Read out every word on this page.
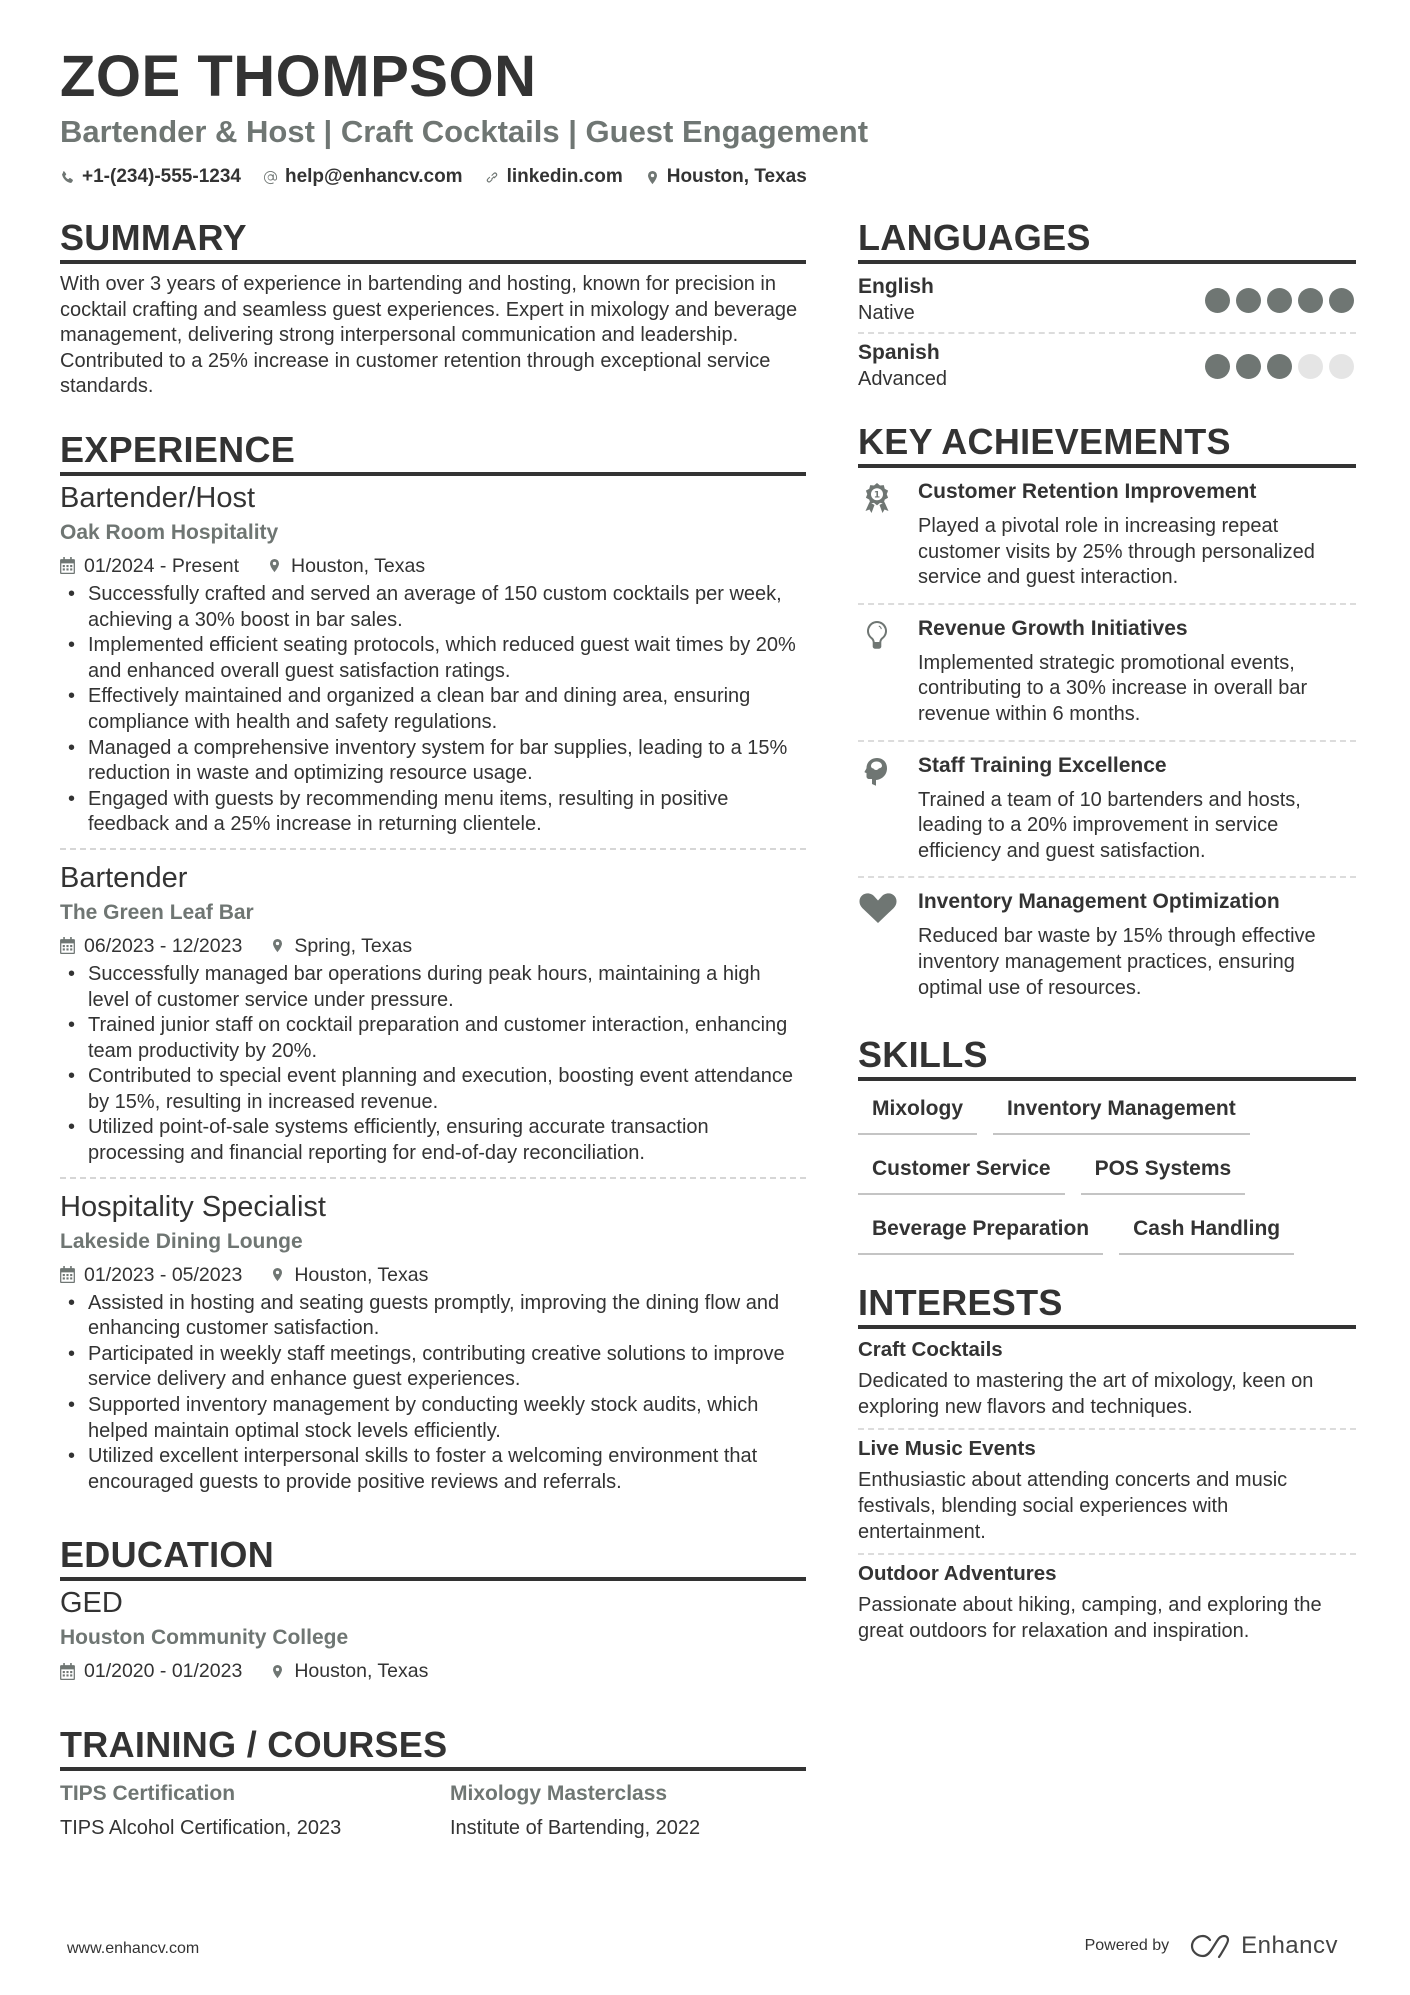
ZOE THOMPSON
Bartender & Host | Craft Cocktails | Guest Engagement
+1-(234)-555-1234 help@enhancv.com linkedin.com Houston, Texas
SUMMARY

With over 3 years of experience in bartending and hosting, known for precision in cocktail crafting and seamless guest experiences. Expert in mixology and beverage management, delivering strong interpersonal communication and leadership. Contributed to a 25% increase in customer retention through exceptional service standards.

EXPERIENCE
Bartender/Host
Oak Room Hospitality
01/2024 - Present	Houston, Texas
• Successfully crafted and served an average of 150 custom cocktails per week, achieving a 30% boost in bar sales.
• Implemented efficient seating protocols, which reduced guest wait times by 20% and enhanced overall guest satisfaction ratings.
• Effectively maintained and organized a clean bar and dining area, ensuring compliance with health and safety regulations.
• Managed a comprehensive inventory system for bar supplies, leading to a 15% reduction in waste and optimizing resource usage.
• Engaged with guests by recommending menu items, resulting in positive feedback and a 25% increase in returning clientele.
Bartender
The Green Leaf Bar
06/2023 - 12/2023	Spring, Texas
• Successfully managed bar operations during peak hours, maintaining a high level of customer service under pressure.
• Trained junior staff on cocktail preparation and customer interaction, enhancing team productivity by 20%.
• Contributed to special event planning and execution, boosting event attendance by 15%, resulting in increased revenue.
• Utilized point-of-sale systems efficiently, ensuring accurate transaction processing and financial reporting for end-of-day reconciliation.
Hospitality Specialist
Lakeside Dining Lounge
01/2023 - 05/2023	Houston, Texas
• Assisted in hosting and seating guests promptly, improving the dining flow and enhancing customer satisfaction.
• Participated in weekly staff meetings, contributing creative solutions to improve service delivery and enhance guest experiences.
• Supported inventory management by conducting weekly stock audits, which helped maintain optimal stock levels efficiently.
• Utilized excellent interpersonal skills to foster a welcoming environment that encouraged guests to provide positive reviews and referrals.
EDUCATION
GED
Houston Community College
01/2020 - 01/2023	Houston, Texas
TRAINING / COURSES
TIPS Certification
TIPS Alcohol Certification, 2023
Mixology Masterclass
Institute of Bartending, 2022
LANGUAGES
English
Native
Spanish
Advanced
KEY ACHIEVEMENTS
1 Customer Retention Improvement
Played a pivotal role in increasing repeat customer visits by 25% through personalized service and guest interaction.
Revenue Growth Initiatives
Implemented strategic promotional events, contributing to a 30% increase in overall bar revenue within 6 months.
Staff Training Excellence
Trained a team of 10 bartenders and hosts, leading to a 20% improvement in service efficiency and guest satisfaction.
Inventory Management Optimization
Reduced bar waste by 15% through effective inventory management practices, ensuring optimal use of resources.
SKILLS
Mixology	Inventory Management
Customer Service	POS Systems
Beverage Preparation	Cash Handling
INTERESTS
Craft Cocktails
Dedicated to mastering the art of mixology, keen on exploring new flavors and techniques.
Live Music Events
Enthusiastic about attending concerts and music festivals, blending social experiences with entertainment.
Outdoor Adventures
Passionate about hiking, camping, and exploring the great outdoors for relaxation and inspiration.
www.enhancv.com	Powered by	Enhancv
